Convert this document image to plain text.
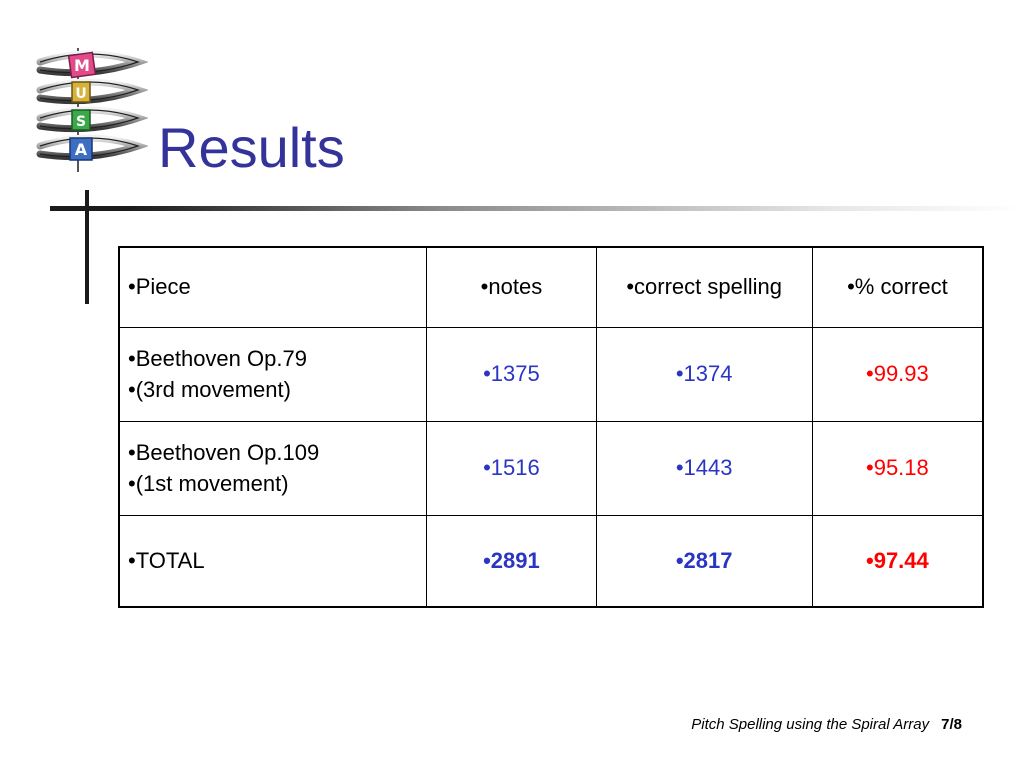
M
U
S
A Results
•Piece	•notes	•correct spelling	•% correct

•Beethoven Op.79
•(3rd movement)	•1375	•1374	•99.93

•Beethoven Op.109
•(1st movement)	•1516	•1443	•95.18
•TOTAL	•2891	•2817	•97.44
Pitch Spelling using the Spiral Array 7/8
